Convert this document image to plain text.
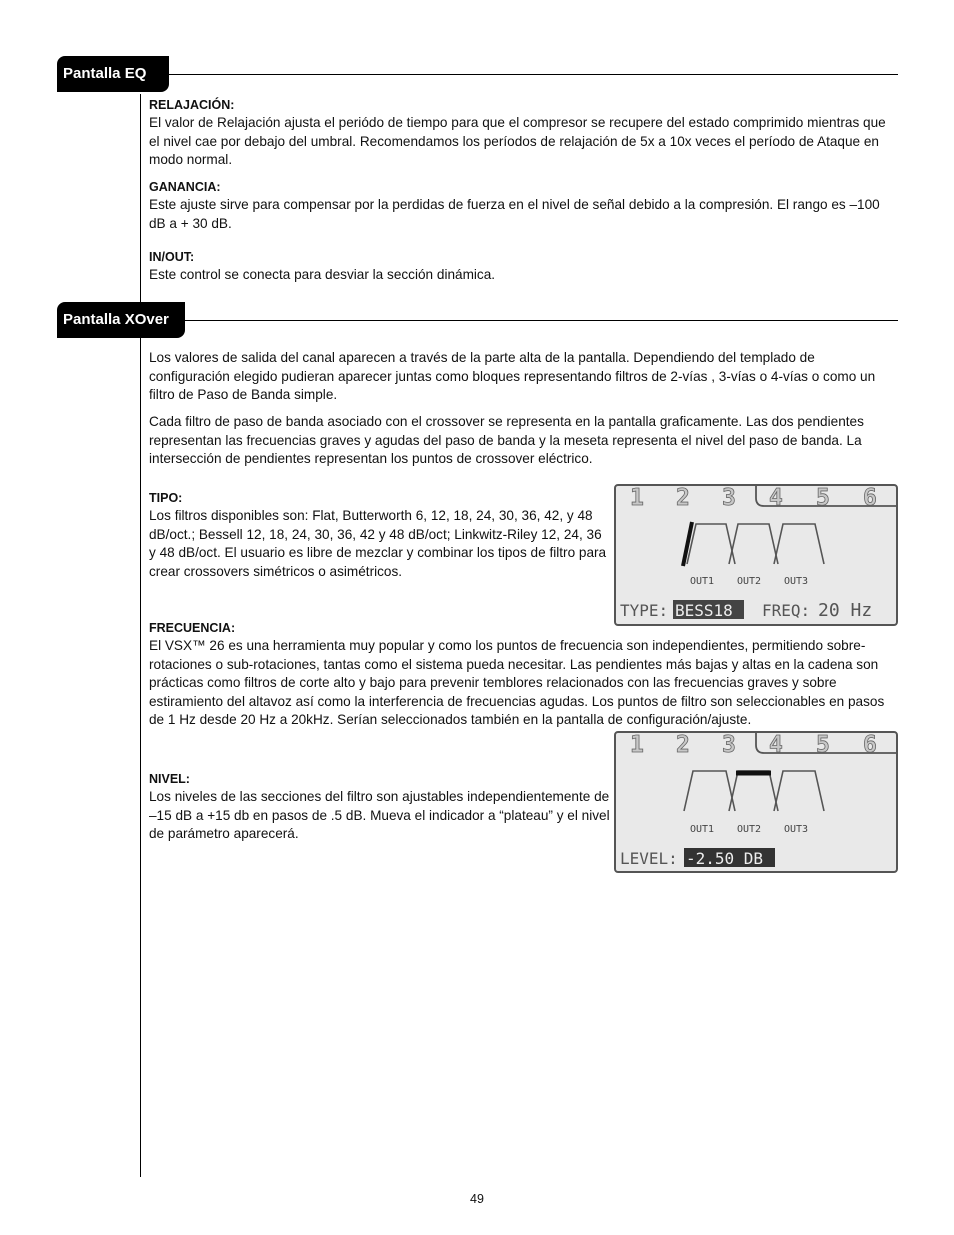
Pantalla EQ
RELAJACIÓN:

El valor de Relajación ajusta el periódo de tiempo para que el compresor se recupere del estado comprimido mientras que el nivel cae por debajo del umbral. Recomendamos los períodos de relajación de 5x a 10x veces el período de Ataque en modo normal.

GANANCIA:

Este ajuste sirve para compensar por la perdidas de fuerza en el nivel de señal debido a la compresión. El rango es –100 dB a + 30 dB.

IN/OUT:

Este control se conecta para desviar la sección dinámica.

Pantalla XOver

Los valores de salida del canal aparecen a través de la parte alta de la pantalla. Dependiendo del templado de configuración elegido pudieran aparecer juntas como bloques representando filtros de 2-vías , 3-vías o 4-vías o como un filtro de Paso de Banda simple.

Cada filtro de paso de banda asociado con el crossover se representa en la pantalla graficamente. Las dos pendientes representan las frecuencias graves y agudas del paso de banda y la meseta representa el nivel del paso de banda. La intersección de pendientes representan los puntos de crossover eléctrico.

TIPO:

Los filtros disponibles son: Flat, Butterworth 6, 12, 18, 24, 30, 36, 42, y 48 dB/oct.; Bessell 12, 18, 24, 30, 36, 42 y 48 dB/oct; Linkwitz-Riley 12, 24, 36 y 48 dB/oct. El usuario es libre de mezclar y combinar los tipos de filtro para crear crossovers simétricos o asimétricos.

1 2 3 4 5 6
OUT1 OUT2 OUT3
TYPE: BESS18 FREQ: 20 Hz
FRECUENCIA:

El VSX™ 26 es una herramienta muy popular y como los puntos de frecuencia son independientes, permitiendo sobre-rotaciones o sub-rotaciones, tantas como el sistema pueda necesitar. Las pendientes más bajas y altas en la cadena son prácticas como filtros de corte alto y bajo para prevenir temblores relacionados con las frecuencias graves y sobre estiramiento del altavoz así como la interferencia de frecuencias agudas. Los puntos de filtro son seleccionables en pasos de 1 Hz desde 20 Hz a 20kHz. Serían seleccionados también en la pantalla de configuración/ajuste.

NIVEL:

Los niveles de las secciones del filtro son ajustables independientemente de –15 dB a +15 db en pasos de .5 dB. Mueva el indicador a “plateau” y el nivel de parámetro aparecerá.

1 2 3 4 5 6
OUT1 OUT2 OUT3
LEVEL: -2.50 DB
49
